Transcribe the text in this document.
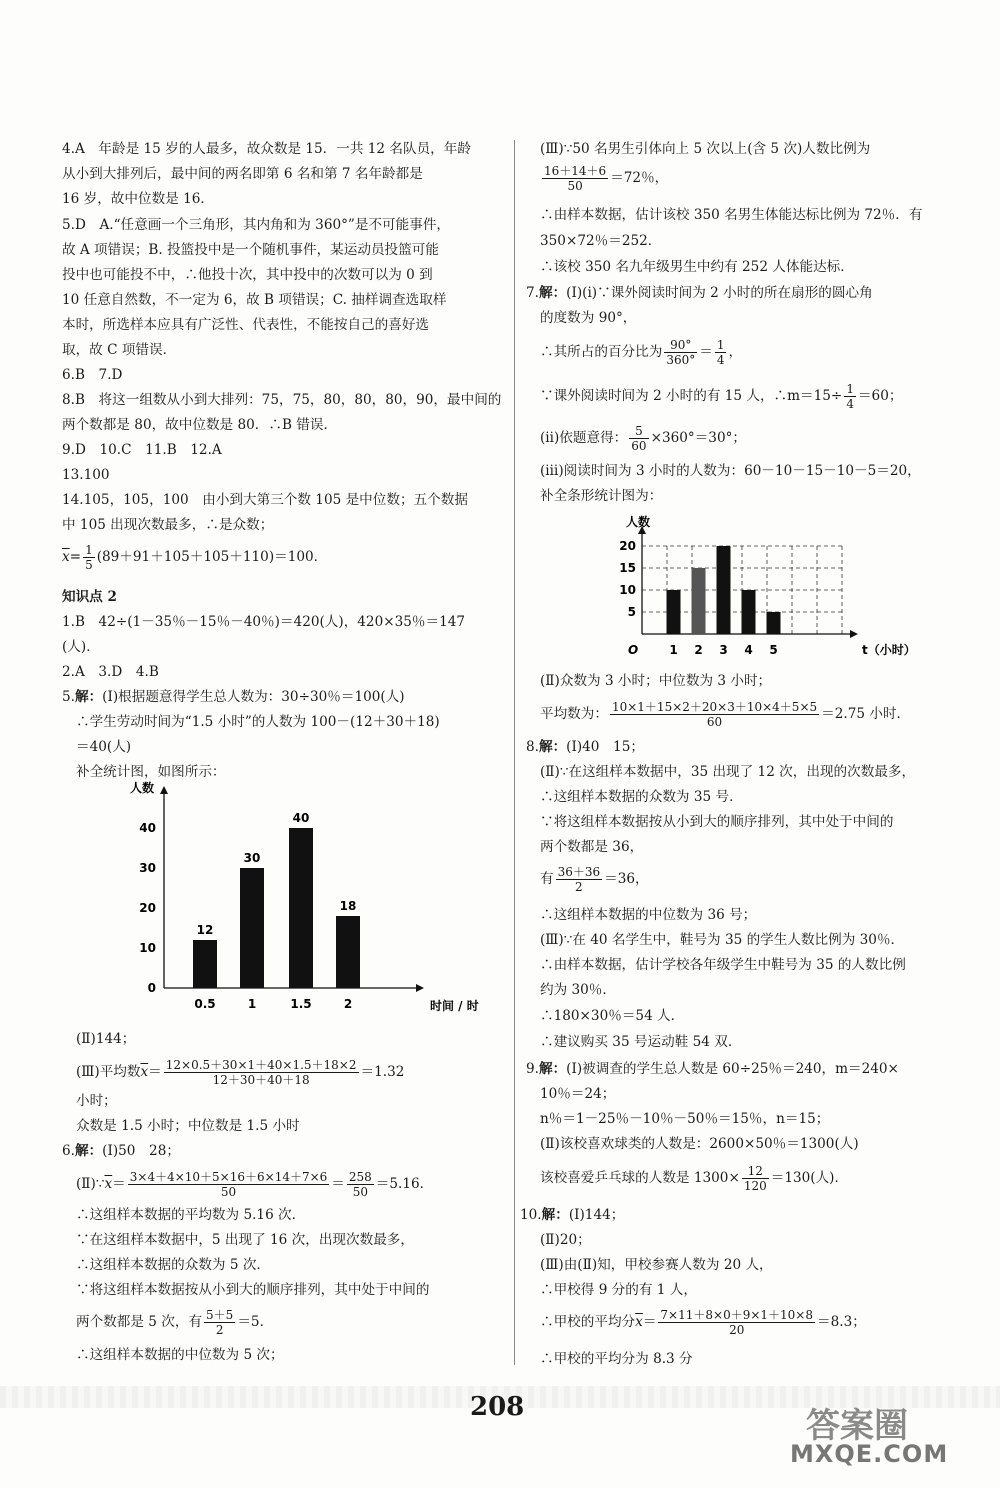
4.A　年龄是 15 岁的人最多，故众数是 15．一共 12 名队员，年龄
从小到大排列后，最中间的两名即第 6 名和第 7 名年龄都是
16 岁，故中位数是 16．
5.D　A.“任意画一个三角形，其内角和为 360°”是不可能事件，
故 A 项错误；B. 投篮投中是一个随机事件，某运动员投篮可能
投中也可能投不中，∴他投十次，其中投中的次数可以为 0 到
10 任意自然数，不一定为 6，故 B 项错误；C. 抽样调查选取样
本时，所选样本应具有广泛性、代表性，不能按自己的喜好选
取，故 C 项错误．
6.B　7.D
8.B　将这一组数从小到大排列：75，75，80，80，80，90，最中间的
两个数都是 80，故中位数是 80．∴B 错误．
9.D　10.C　11.B　12.A
13.100
14.105，105，100　由小到大第三个数 105 是中位数；五个数据
中 105 出现次数最多，∴是众数；
$\overline{x}= \frac{1}{5} (89+91+105+105+110)=100$．
知识点 2
1.B　42÷(1－35％－15％－40％)＝420(人)，420×35％＝147
(人)．
2.A　3.D　4.B
5.解：(Ⅰ)根据题意得学生总人数为：30÷30％＝100(人)
∴学生劳动时间为“1.5 小时”的人数为 100－(12＋30＋18)
＝40(人)
补全统计图，如图所示：
人数
时间 / 时
0
10
20
30
40
12
0.5
30
1
40
1.5
18
2
(Ⅱ)144；
(Ⅲ)平均数$\overline{x}= \frac{12\times 0.5+30\times 1+40\times 1.5+18\times 2}{12+30+40+18} =1.32$
小时；
众数是 1.5 小时；中位数是 1.5 小时
6.解：(Ⅰ)50　28；
$(Ⅱ)\because\overline{x}= \frac{3\times 4+4\times 10+5\times 16+6\times 14+7\times 6}{50} = \frac{258}{50} =5.16$．
∴这组样本数据的平均数为 5.16 次．
∵在这组样本数据中，5 出现了 16 次，出现次数最多，
∴这组样本数据的众数为 5 次．
∵将这组样本数据按从小到大的顺序排列，其中处于中间的
两个数都是 5 次，有 $\frac{5+5}{2} =5$．
∴这组样本数据的中位数为 5 次；
(Ⅲ)∵50 名男生引体向上 5 次以上(含 5 次)人数比例为
$\frac{16+14+6}{50} =72$％，
∴由样本数据，估计该校 350 名男生体能达标比例为 72％．有
350×72％＝252．
∴该校 350 名九年级男生中约有 252 人体能达标．
7.解：(Ⅰ)(ⅰ)∵课外阅读时间为 2 小时的所在扇形的圆心角
的度数为 90°，
∴其所占的百分比为 $\frac{90^\circ}{360^\circ} = \frac{1}{4}$ ，
∵课外阅读时间为 2 小时的有 15 人，∴m＝15÷ $\frac{1}{4} =60$；
(ⅱ)依题意得： $\frac{5}{60} \times 360^\circ=30^\circ$；
(ⅲ)阅读时间为 3 小时的人数为：60－10－15－10－5＝20，
补全条形统计图为：
人数
t（小时）
O
5
10
15
20
1 2 3 4 5
(Ⅱ)众数为 3 小时；中位数为 3 小时；
平均数为： $\frac{10\times 1+15\times 2+20\times 3+10\times 4+5\times 5}{60} =2.75$ 小时．
8.解：(Ⅰ)40　15；
(Ⅱ)∵在这组样本数据中，35 出现了 12 次，出现的次数最多，
∴这组样本数据的众数为 35 号．
∵将这组样本数据按从小到大的顺序排列，其中处于中间的
两个数都是 36，
有 $\frac{36+36}{2} =36$，
∴这组样本数据的中位数为 36 号；
(Ⅲ)∵在 40 名学生中，鞋号为 35 的学生人数比例为 30％．
∴由样本数据，估计学校各年级学生中鞋号为 35 的人数比例
约为 30％．
∴180×30％＝54 人．
∴建议购买 35 号运动鞋 54 双．
9.解：(Ⅰ)被调查的学生总人数是 60÷25％＝240，m＝240×
10％＝24；
n％＝1－25％－10％－50％＝15％，n＝15；
(Ⅱ)该校喜欢球类的人数是：2600×50％＝1300(人)
该校喜爱乒乓球的人数是 $1300\times \frac{12}{120} =130$(人)．
10.解：(Ⅰ)144；
(Ⅱ)20；
(Ⅲ)由(Ⅱ)知，甲校参赛人数为 20 人，
∴甲校得 9 分的有 1 人，
∴甲校的平均分$\overline{x}= \frac{7\times 11+8\times 0+9\times 1+10\times 8}{20} =8.3$；
∴甲校的平均分为 8.3 分
208	答案圈
MXQE.COM
